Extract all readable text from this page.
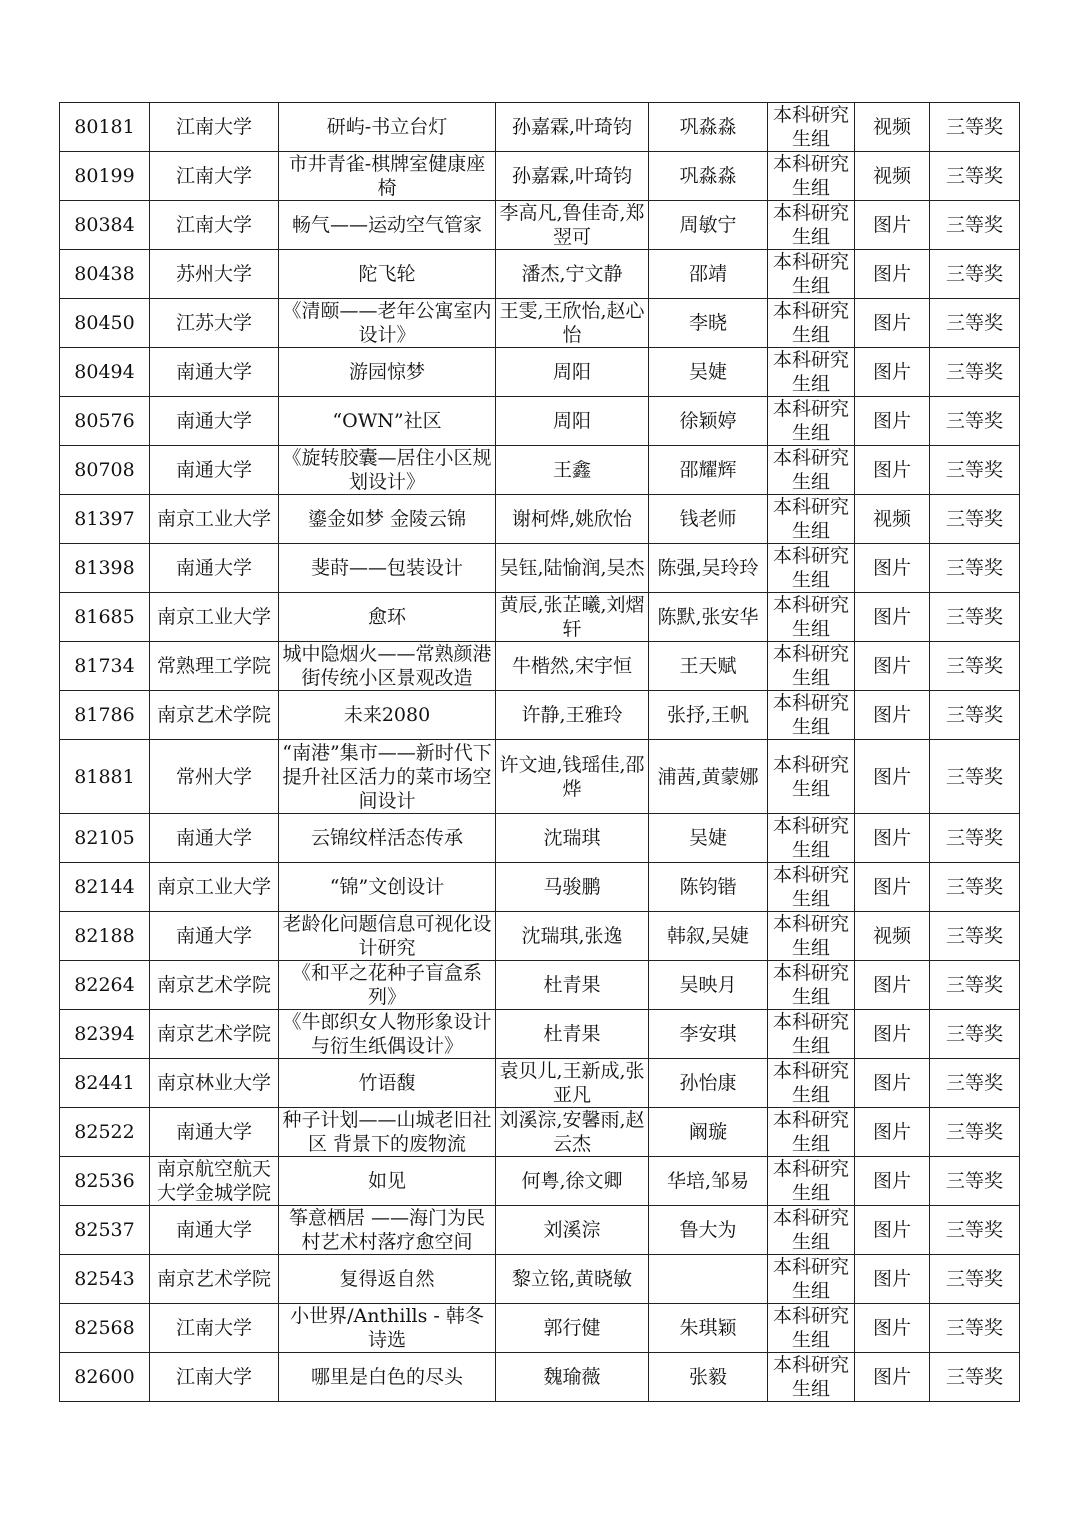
80181	江南大学	研屿-书立台灯	孙嘉霖,叶琦钧	巩淼淼	本科研究生组	视频	三等奖
80199	江南大学	市井青雀-棋牌室健康座椅	孙嘉霖,叶琦钧	巩淼淼	本科研究生组	视频	三等奖
80384	江南大学	畅气——运动空气管家	李高凡,鲁佳奇,郑翌可	周敏宁	本科研究生组	图片	三等奖
80438	苏州大学	陀飞轮	潘杰,宁文静	邵靖	本科研究生组	图片	三等奖
80450	江苏大学	《清颐——老年公寓室内设计》	王雯,王欣怡,赵心怡	李晓	本科研究生组	图片	三等奖
80494	南通大学	游园惊梦	周阳	吴婕	本科研究生组	图片	三等奖
80576	南通大学	“OWN”社区	周阳	徐颖婷	本科研究生组	图片	三等奖
80708	南通大学	《旋转胶囊—居住小区规划设计》	王鑫	邵耀辉	本科研究生组	图片	三等奖
81397	南京工业大学	鎏金如梦 金陵云锦	谢柯烨,姚欣怡	钱老师	本科研究生组	视频	三等奖
81398	南通大学	斐莳——包装设计	吴钰,陆愉润,吴杰	陈强,吴玲玲	本科研究生组	图片	三等奖
81685	南京工业大学	愈环	黄辰,张芷曦,刘熠轩	陈默,张安华	本科研究生组	图片	三等奖
81734	常熟理工学院	城中隐烟火——常熟颜港街传统小区景观改造	牛楷然,宋宇恒	王天赋	本科研究生组	图片	三等奖
81786	南京艺术学院	未来2080	许静,王雅玲	张抒,王帆	本科研究生组	图片	三等奖
81881	常州大学	“南港”集市——新时代下提升社区活力的菜市场空间设计	许文迪,钱瑶佳,邵烨	浦茜,黄蒙娜	本科研究生组	图片	三等奖
82105	南通大学	云锦纹样活态传承	沈瑞琪	吴婕	本科研究生组	图片	三等奖
82144	南京工业大学	“锦”文创设计	马骏鹏	陈钧锴	本科研究生组	图片	三等奖
82188	南通大学	老龄化问题信息可视化设计研究	沈瑞琪,张逸	韩叙,吴婕	本科研究生组	视频	三等奖
82264	南京艺术学院	《和平之花种子盲盒系列》	杜青果	吴映月	本科研究生组	图片	三等奖
82394	南京艺术学院	《牛郎织女人物形象设计与衍生纸偶设计》	杜青果	李安琪	本科研究生组	图片	三等奖
82441	南京林业大学	竹语馥	袁贝儿,王新成,张亚凡	孙怡康	本科研究生组	图片	三等奖
82522	南通大学	种子计划——山城老旧社区 背景下的废物流	刘溪淙,安馨雨,赵云杰	阚璇	本科研究生组	图片	三等奖
82536	南京航空航天大学金城学院	如见	何粤,徐文卿	华培,邹易	本科研究生组	图片	三等奖
82537	南通大学	筝意栖居 ——海门为民村艺术村落疗愈空间	刘溪淙	鲁大为	本科研究生组	图片	三等奖
82543	南京艺术学院	复得返自然	黎立铭,黄晓敏		本科研究生组	图片	三等奖
82568	江南大学	小世界/Anthills - 韩冬诗选	郭行健	朱琪颖	本科研究生组	图片	三等奖
82600	江南大学	哪里是白色的尽头	魏瑜薇	张毅	本科研究生组	图片	三等奖
